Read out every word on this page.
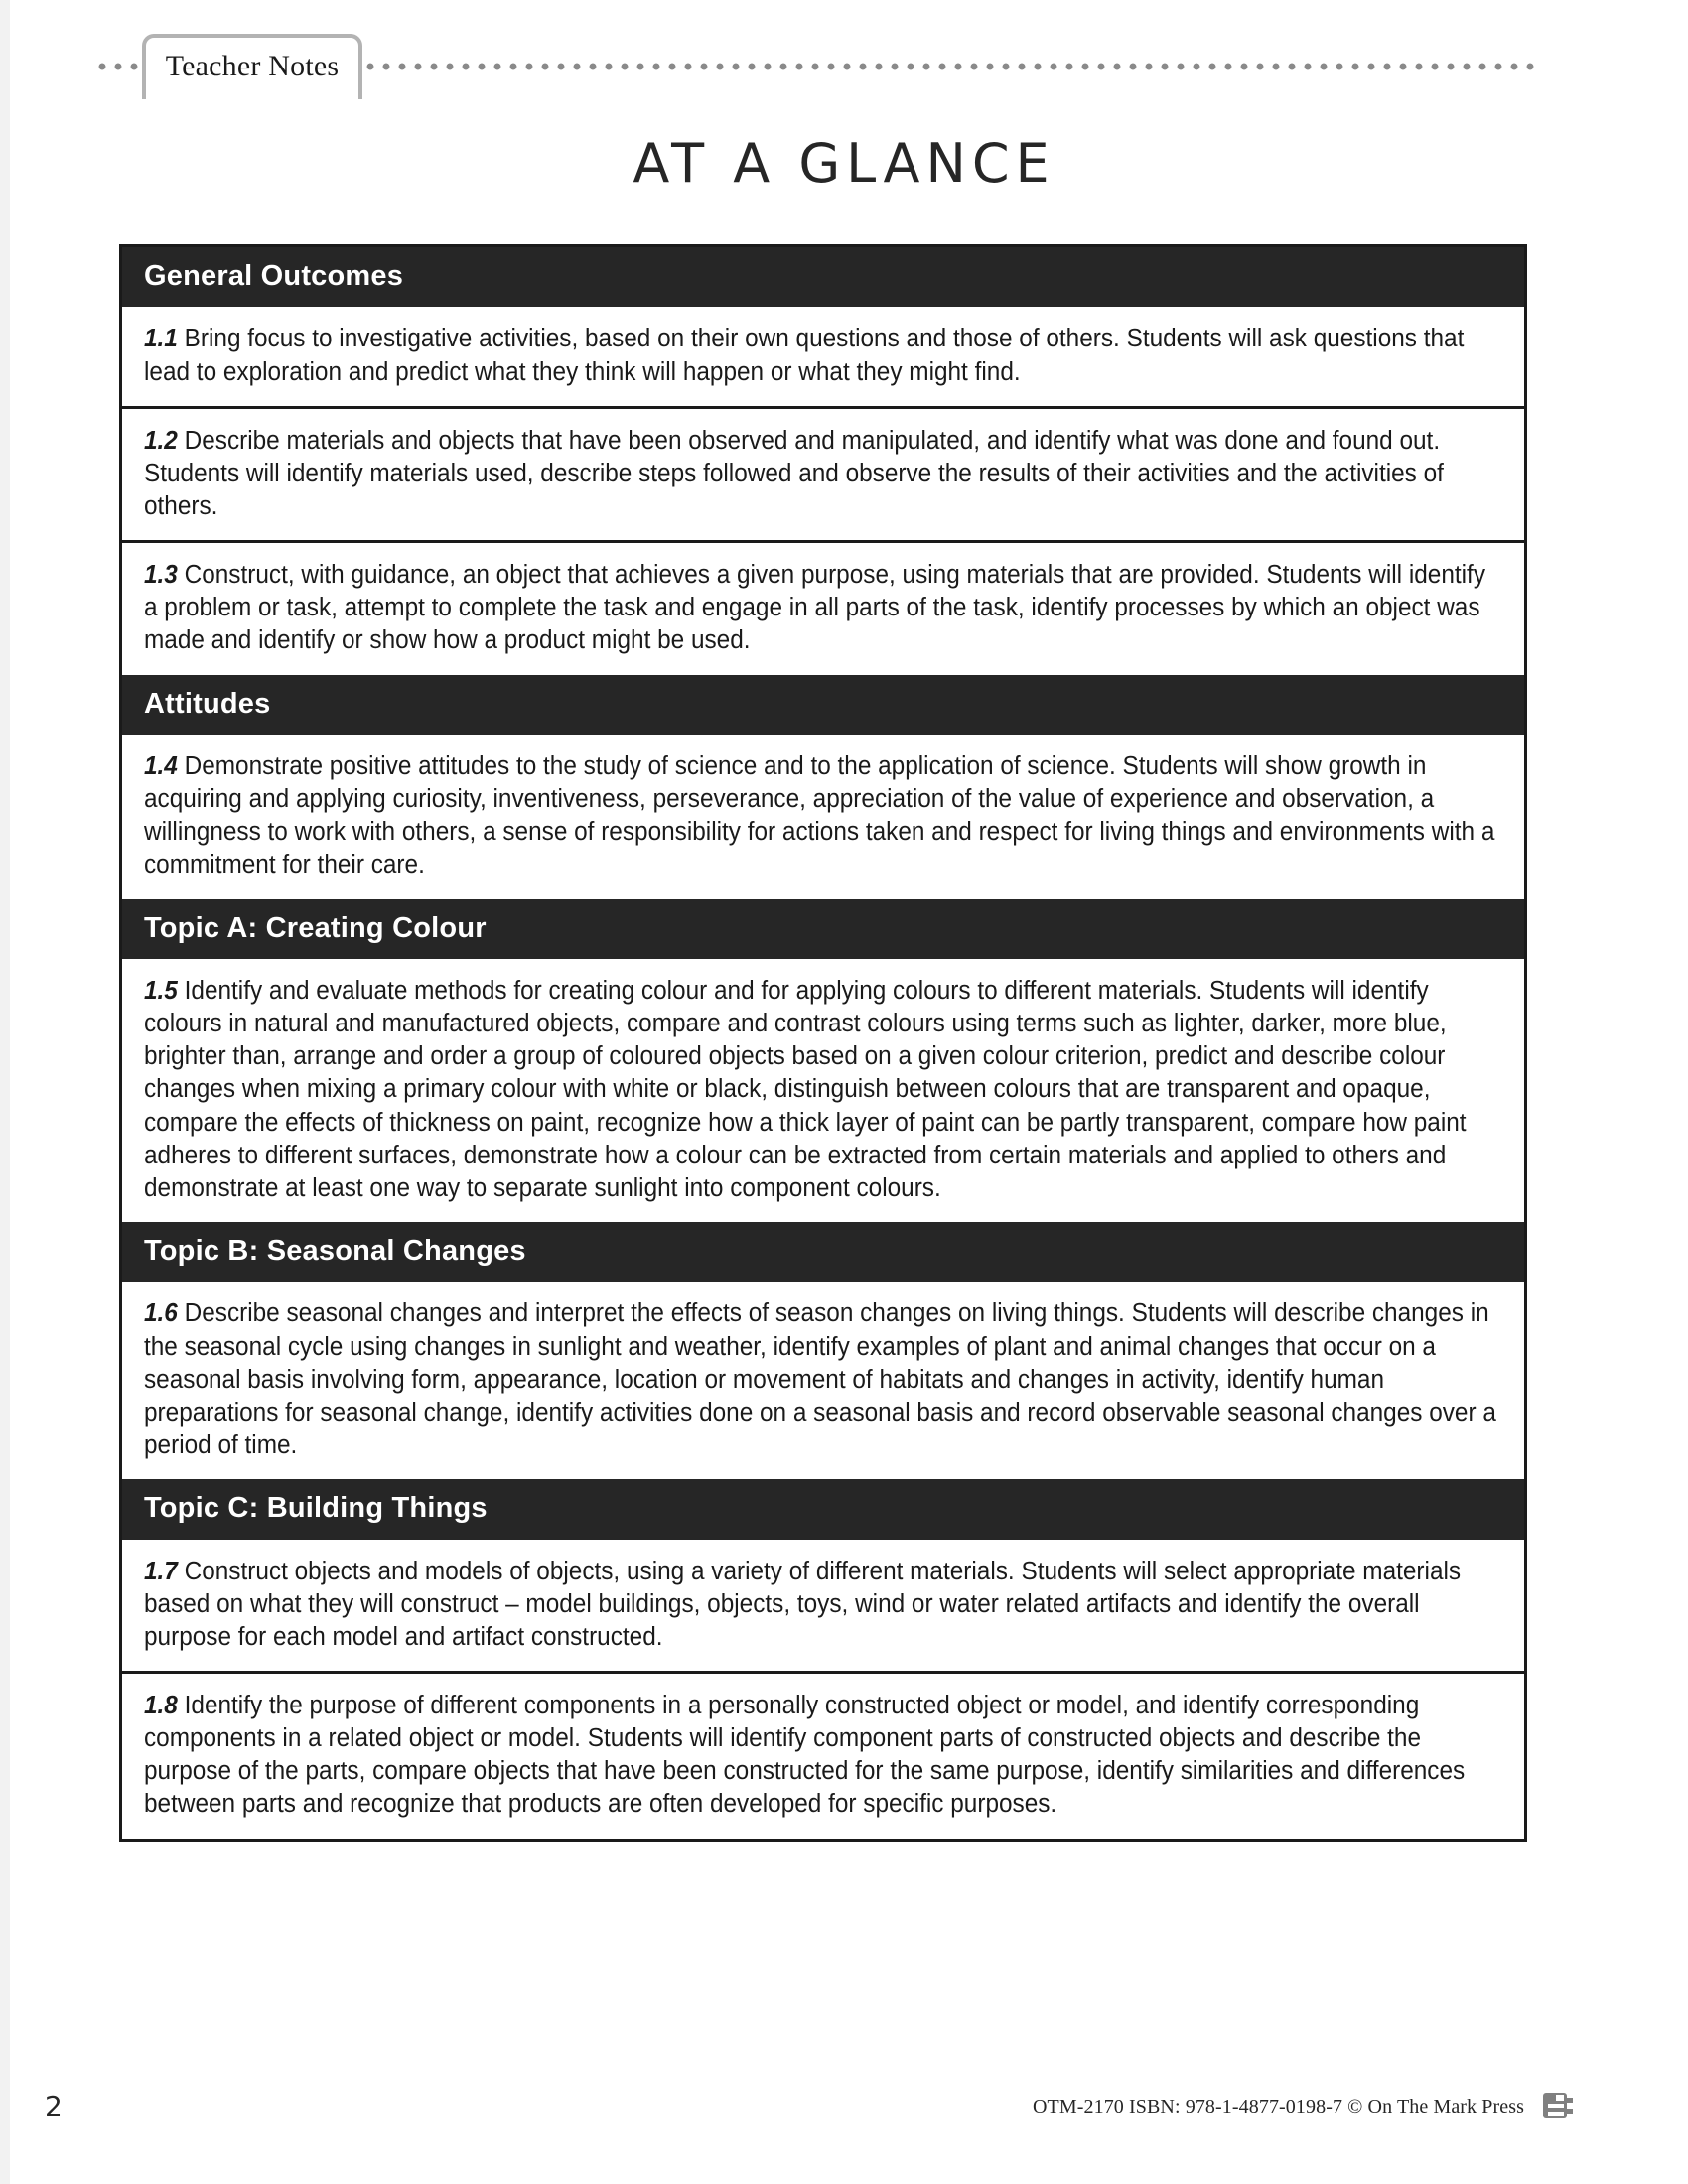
Teacher Notes
AT A GLANCE
General Outcomes

1.1 Bring focus to investigative activities, based on their own questions and those of others. Students will ask questions that lead to exploration and predict what they think will happen or what they might find.

1.2 Describe materials and objects that have been observed and manipulated, and identify what was done and found out. Students will identify materials used, describe steps followed and observe the results of their activities and the activities of others.

1.3 Construct, with guidance, an object that achieves a given purpose, using materials that are provided. Students will identify a problem or task, attempt to complete the task and engage in all parts of the task, identify processes by which an object was made and identify or show how a product might be used.

Attitudes

1.4 Demonstrate positive attitudes to the study of science and to the application of science. Students will show growth in acquiring and applying curiosity, inventiveness, perseverance, appreciation of the value of experience and observation, a willingness to work with others, a sense of responsibility for actions taken and respect for living things and environments with a commitment for their care.

Topic A: Creating Colour

1.5 Identify and evaluate methods for creating colour and for applying colours to different materials. Students will identify colours in natural and manufactured objects, compare and contrast colours using terms such as lighter, darker, more blue, brighter than, arrange and order a group of coloured objects based on a given colour criterion, predict and describe colour changes when mixing a primary colour with white or black, distinguish between colours that are transparent and opaque, compare the effects of thickness on paint, recognize how a thick layer of paint can be partly transparent, compare how paint adheres to different surfaces, demonstrate how a colour can be extracted from certain materials and applied to others and demonstrate at least one way to separate sunlight into component colours.

Topic B: Seasonal Changes

1.6 Describe seasonal changes and interpret the effects of season changes on living things. Students will describe changes in the seasonal cycle using changes in sunlight and weather, identify examples of plant and animal changes that occur on a seasonal basis involving form, appearance, location or movement of habitats and changes in activity, identify human preparations for seasonal change, identify activities done on a seasonal basis and record observable seasonal changes over a period of time.

Topic C: Building Things

1.7 Construct objects and models of objects, using a variety of different materials. Students will select appropriate materials based on what they will construct – model buildings, objects, toys, wind or water related artifacts and identify the overall purpose for each model and artifact constructed.

1.8 Identify the purpose of different components in a personally constructed object or model, and identify corresponding components in a related object or model. Students will identify component parts of constructed objects and describe the purpose of the parts, compare objects that have been constructed for the same purpose, identify similarities and differences between parts and recognize that products are often developed for specific purposes.

2	OTM-2170 ISBN: 978-1-4877-0198-7 © On The Mark Press
